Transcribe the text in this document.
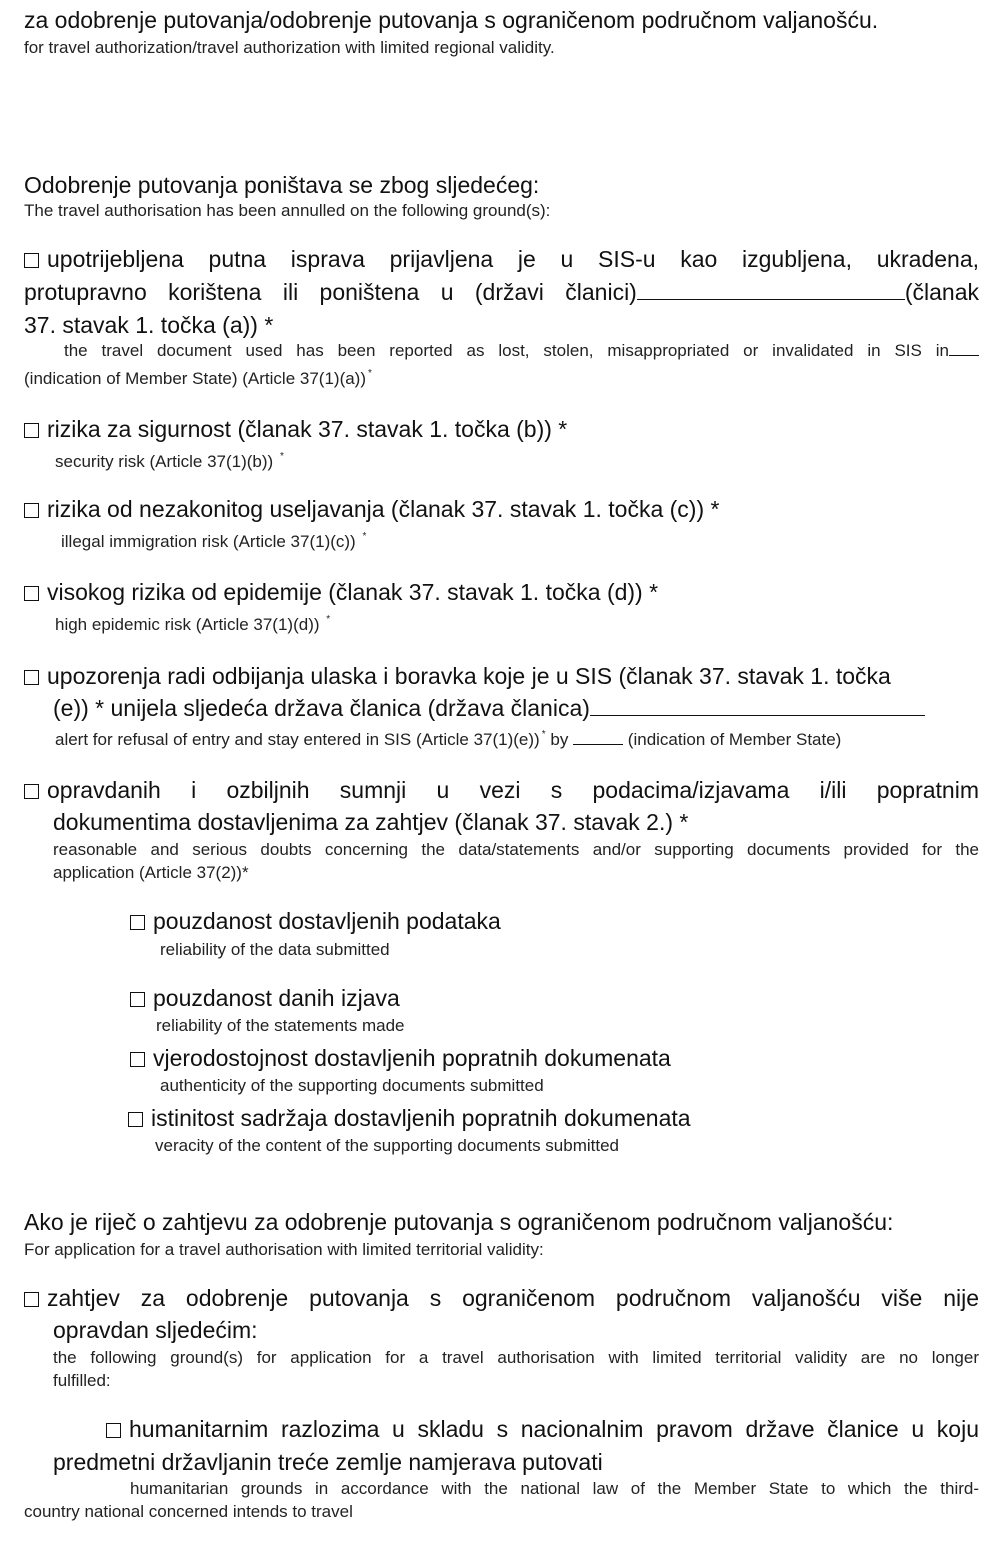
za odobrenje putovanja/odobrenje putovanja s ograničenom područnom valjanošću.

for travel authorization/travel authorization with limited regional validity.

Odobrenje putovanja poništava se zbog sljedećeg:

The travel authorisation has been annulled on the following ground(s):

upotrijebljena putna isprava prijavljena je u SIS-u kao izgubljena, ukradena,

protupravno korištena ili poništena u (državi članici)	(članak

37. stavak 1. točka (a)) *

the travel document used has been reported as lost, stolen, misappropriated or invalidated in SIS in

(indication of Member State) (Article 37(1)(a)) *

rizika za sigurnost (članak 37. stavak 1. točka (b)) *

security risk (Article 37(1)(b)) *

rizika od nezakonitog useljavanja (članak 37. stavak 1. točka (c)) *

illegal immigration risk (Article 37(1)(c)) *

visokog rizika od epidemije (članak 37. stavak 1. točka (d)) *

high epidemic risk (Article 37(1)(d)) *

upozorenja radi odbijanja ulaska i boravka koje je u SIS (članak 37. stavak 1. točka

(e)) * unijela sljedeća država članica (država članica)

alert for refusal of entry and stay entered in SIS (Article 37(1)(e)) * by	(indication of Member State)

opravdanih i ozbiljnih sumnji u vezi s podacima/izjavama i/ili popratnim

dokumentima dostavljenima za zahtjev (članak 37. stavak 2.) *

reasonable and serious doubts concerning the data/statements and/or supporting documents provided for the

application (Article 37(2))*

pouzdanost dostavljenih podataka

reliability of the data submitted

pouzdanost danih izjava

reliability of the statements made

vjerodostojnost dostavljenih popratnih dokumenata

authenticity of the supporting documents submitted

istinitost sadržaja dostavljenih popratnih dokumenata

veracity of the content of the supporting documents submitted

Ako je riječ o zahtjevu za odobrenje putovanja s ograničenom područnom valjanošću:

For application for a travel authorisation with limited territorial validity:

zahtjev za odobrenje putovanja s ograničenom područnom valjanošću više nije

opravdan sljedećim:

the following ground(s) for application for a travel authorisation with limited territorial validity are no longer

fulfilled:

humanitarnim razlozima u skladu s nacionalnim pravom države članice u koju

predmetni državljanin treće zemlje namjerava putovati

humanitarian grounds in accordance with the national law of the Member State to which the third-

country national concerned intends to travel
